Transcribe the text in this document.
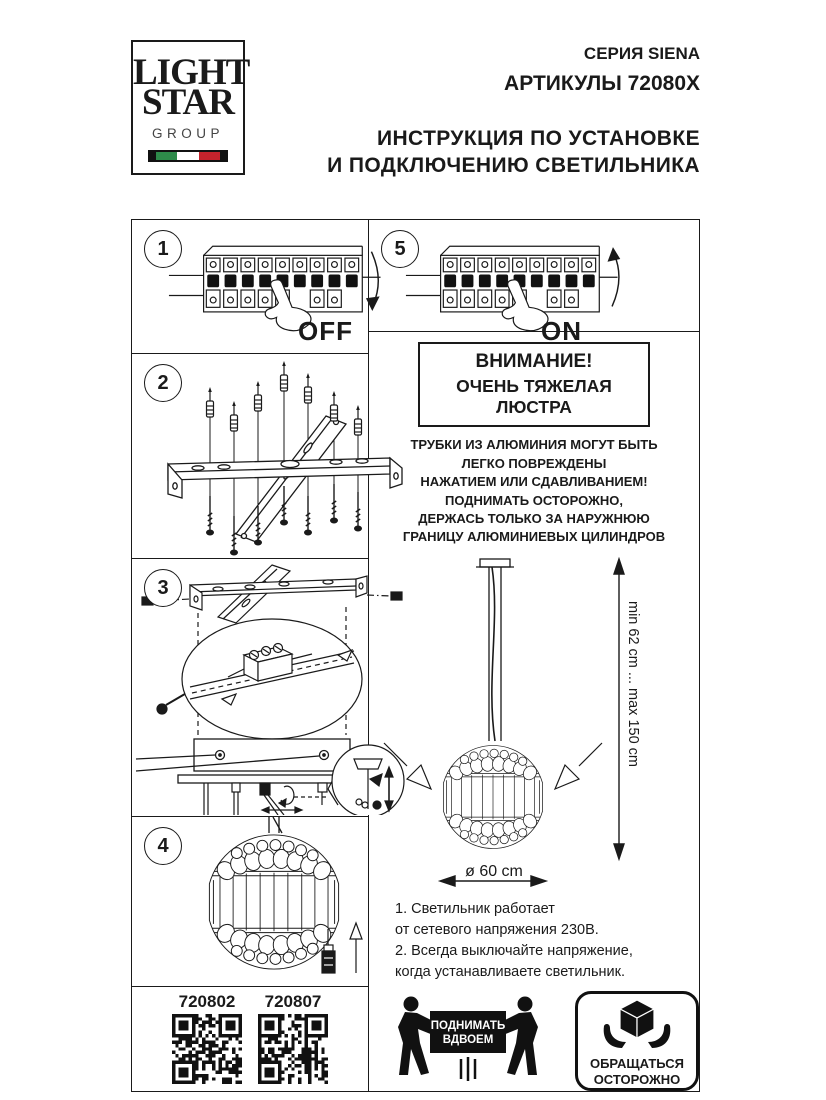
LIGHT
STAR
GROUP
СЕРИЯ SIENA
АРТИКУЛЫ 72080X
ИНСТРУКЦИЯ ПО УСТАНОВКЕ
И ПОДКЛЮЧЕНИЮ СВЕТИЛЬНИКА
1
OFF
2
3
4
720802	720807
5
ON
ВНИМАНИЕ!
ОЧЕНЬ ТЯЖЕЛАЯ ЛЮСТРА
ТРУБКИ ИЗ АЛЮМИНИЯ МОГУТ БЫТЬ
ЛЕГКО ПОВРЕЖДЕНЫ
НАЖАТИЕМ ИЛИ СДАВЛИВАНИЕМ!
ПОДНИМАТЬ ОСТОРОЖНО,
ДЕРЖАСЬ ТОЛЬКО ЗА НАРУЖНЮЮ
ГРАНИЦУ АЛЮМИНИЕВЫХ ЦИЛИНДРОВ
min 62 cm ... max 150 cm
ø 60 cm
1. Светильник работает
от сетевого напряжения 230В.
2. Всегда выключайте напряжение,
когда устанавливаете светильник.
ПОДНИМАТЬ
ВДВОЕМ
ОБРАЩАТЬСЯ
ОСТОРОЖНО
